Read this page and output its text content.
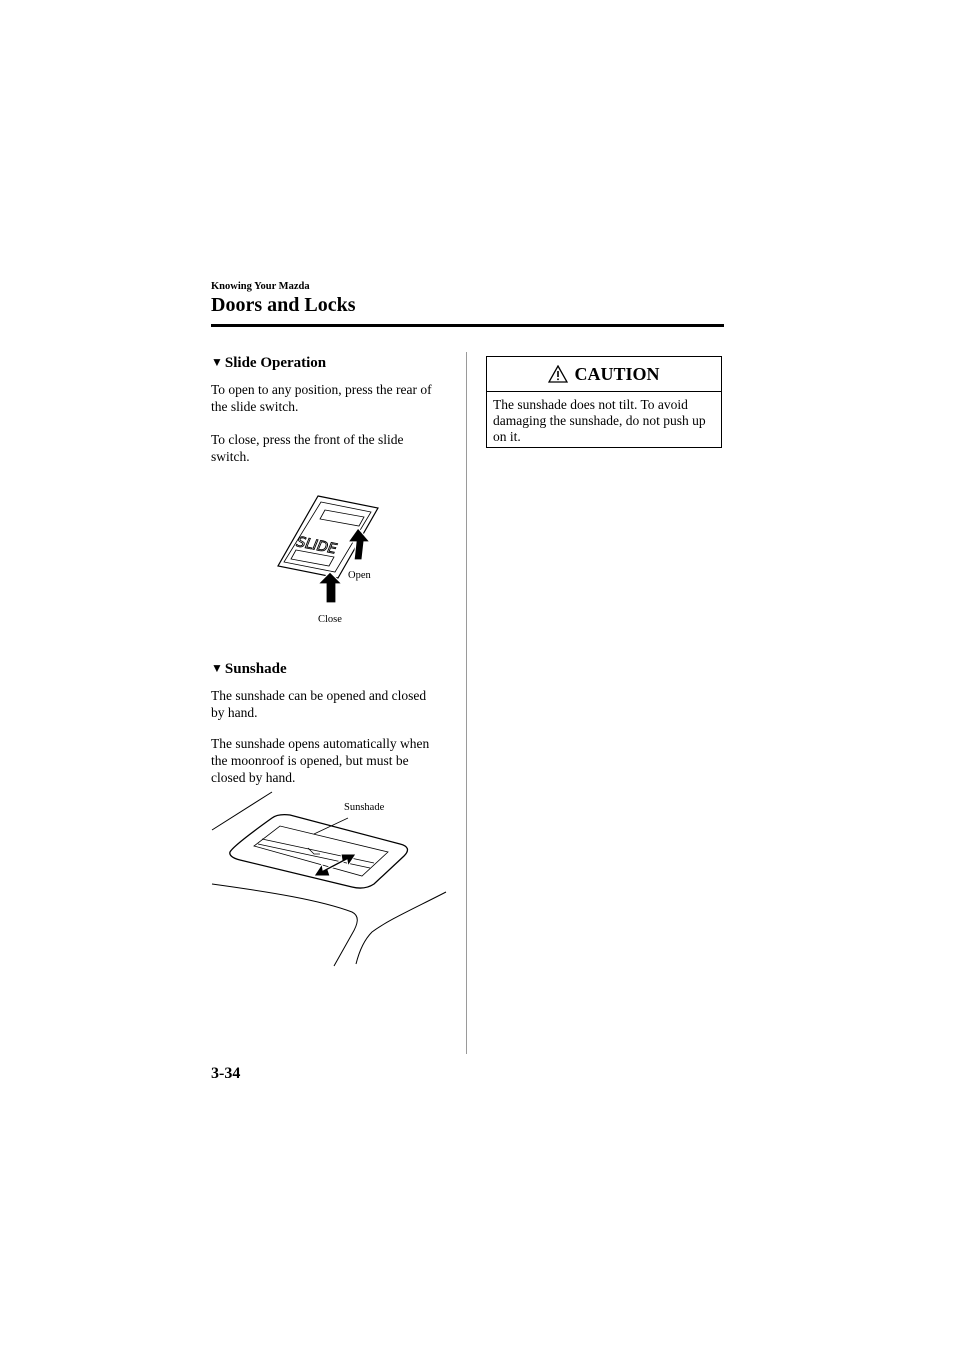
Knowing Your Mazda
Doors and Locks
▼ Slide Operation
To open to any position, press the rear of
the slide switch.
To close, press the front of the slide
switch.
SLIDE
Open
Close
▼ Sunshade
The sunshade can be opened and closed
by hand.
The sunshade opens automatically when
the moonroof is opened, but must be
closed by hand.
Sunshade
CAUTION
The sunshade does not tilt. To avoid
damaging the sunshade, do not push up
on it.
3-34
